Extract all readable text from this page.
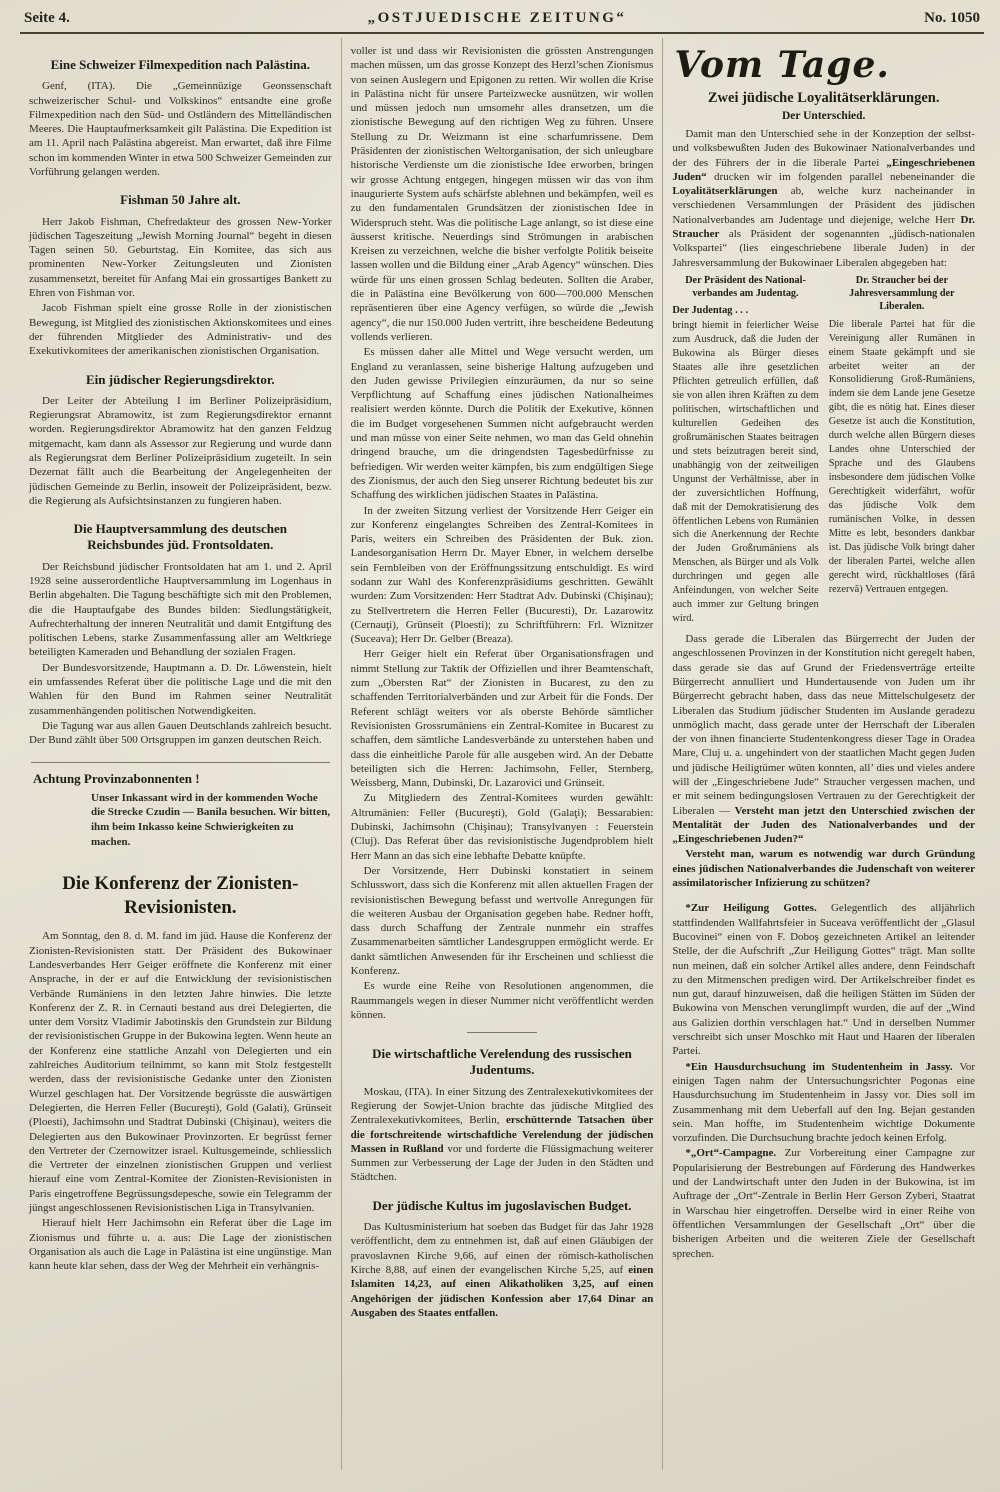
Seite 4.	„OSTJUEDISCHE ZEITUNG“	No. 1050
Eine Schweizer Filmexpedition nach Palästina.

Genf, (ITA). Die „Gemeinnüzige Geonssenschaft schweizerischer Schul- und Volkskinos“ entsandte eine große Filmexpedition nach den Süd- und Ostländern des Mittelländischen Meeres. Die Hauptaufmerksamkeit gilt Palästina. Die Expedition ist am 11. April nach Palästina abgereist. Man erwartet, daß ihre Filme schon im kommenden Winter in etwa 500 Schweizer Gemeinden zur Vorführung gelangen werden.

Fishman 50 Jahre alt.

Herr Jakob Fishman, Chefredakteur des grossen New-Yorker jüdischen Tageszeitung „Jewish Morning Journal“ begeht in diesen Tagen seinen 50. Geburtstag. Ein Komitee, das sich aus prominenten New-Yorker Zeitungsleuten und Zionisten zusammensetzt, bereitet für Anfang Mai ein grossartiges Bankett zu Ehren von Fishman vor.

Jacob Fishman spielt eine grosse Rolle in der zionistischen Bewegung, ist Mitglied des zionistischen Aktionskomitees und eines der führenden Mitglieder des Administrativ- und des Exekutivkomitees der amerikanischen zionistischen Organisation.

Ein jüdischer Regierungsdirektor.

Der Leiter der Abteilung I im Berliner Polizeipräsidium, Regierungsrat Abramowitz, ist zum Regierungsdirektor ernannt worden. Regierungsdirektor Abramowitz hat den ganzen Feldzug mitgemacht, kam dann als Assessor zur Regierung und wurde dann als Regierungsrat dem Berliner Polizeipräsidium zugeteilt. In sein Dezernat fällt auch die Bearbeitung der Angelegenheiten der jüdischen Gemeinde zu Berlin, insoweit der Polizeipräsident, bezw. die Regierung als Aufsichtsinstanzen zu fungieren haben.

Die Hauptversammlung des deutschen Reichsbundes jüd. Frontsoldaten.

Der Reichsbund jüdischer Frontsoldaten hat am 1. und 2. April 1928 seine ausserordentliche Hauptversammlung im Logenhaus in Berlin abgehalten. Die Tagung beschäftigte sich mit den Problemen, die die Hauptaufgabe des Bundes bilden: Siedlungstätigkeit, Aufrechterhaltung der inneren Neutralität und damit Entgiftung des politischen Lebens, starke Zusammenfassung aller am Weltkriege beteiligten Kameraden und Behandlung der sozialen Fragen.

Der Bundesvorsitzende, Hauptmann a. D. Dr. Löwenstein, hielt ein umfassendes Referat über die politische Lage und die mit den Wahlen für den Bund im Rahmen seiner Neutralität zusammenhängenden politischen Notwendigkeiten.

Die Tagung war aus allen Gauen Deutschlands zahlreich besucht. Der Bund zählt über 500 Ortsgruppen im ganzen deutschen Reich.

Achtung Provinzabonnenten !

Unser Inkassant wird in der kommenden Woche die Strecke Czudin — Banila besuchen. Wir bitten, ihm beim Inkasso keine Schwierigkeiten zu machen.

Die Konferenz der Zionisten-Revisionisten.

Am Sonntag, den 8. d. M. fand im jüd. Hause die Konferenz der Zionisten-Revisionisten statt. Der Präsident des Bukowinaer Landesverbandes Herr Geiger eröffnete die Konferenz mit einer Ansprache, in der er auf die Entwicklung der revisionistischen Verbände Rumäniens in den letzten Jahre hinwies. Die letzte Konferenz der Z. R. in Cernauti bestand aus drei Delegierten, die unter dem Vorsitz Vladimir Jabotinskis den Grundstein zur Bildung der revisionistischen Gruppe in der Bukowina legten. Wenn heute an der Konferenz eine stattliche Anzahl von Delegierten und ein zahlreiches Auditorium teilnimmt, so kann mit Stolz festgestellt werden, dass der revisionistische Gedanke unter den Zionisten Wurzel geschlagen hat. Der Vorsitzende begrüsste die auswärtigen Delegierten, die Herren Feller (Bucureşti), Gold (Galati), Grünseit (Ploesti), Jachimsohn und Stadtrat Dubinski (Chişinau), weiters die Delegierten aus den Bukowinaer Provinzorten. Er begrüsst ferner den Vertreter der Czernowitzer israel. Kultusgemeinde, schliesslich die Vertreter der einzelnen zionistischen Gruppen und verliest hierauf eine vom Zentral-Komitee der Zionisten-Revisionisten in Paris eingetroffene Begrüssungsdepesche, sowie ein Telegramm der jüngst angeschlossenen Revisionistischen Liga in Transylvanien.

Hierauf hielt Herr Jachimsohn ein Referat über die Lage im Zionismus und führte u. a. aus: Die Lage der zionistischen Organisation als auch die Lage in Palästina ist eine ungünstige. Man kann heute klar sehen, dass der Weg der Mehrheit ein verhängnis-

voller ist und dass wir Revisionisten die grössten Anstrengungen machen müssen, um das grosse Konzept des Herzl’schen Zionismus von seinen Auslegern und Epigonen zu retten. Wir wollen die Krise in Palästina nicht für unsere Parteizwecke ausnützen, wir wollen und müssen jedoch nun umsomehr alles dransetzen, um die zionistische Bewegung auf den richtigen Weg zu führen. Unsere Stellung zu Dr. Weizmann ist eine scharfumrissene. Dem Präsidenten der zionistischen Weltorganisation, der sich unleugbare historische Verdienste um die zionistische Idee erworben, bringen wir grosse Achtung entgegen, hingegen müssen wir das von ihm inaugurierte System aufs schärfste ablehnen und bekämpfen, weil es zu den fundamentalen Grundsätzen der zionistischen Idee in Widerspruch steht. Was die politische Lage anlangt, so ist diese eine äusserst kritische. Neuerdings sind Strömungen in arabischen Kreisen zu verzeichnen, welche die bisher verfolgte Politik beiseite lassen wollen und die Bildung einer „Arab Agency“ wünschen. Dies würde für uns einen grossen Schlag bedeuten. Sollten die Araber, die in Palästina eine Bevölkerung von 600—700.000 Menschen repräsentieren über eine Agency verfügen, so würde die „Jewish agency“, die nur 150.000 Juden vertritt, ihre bescheidene Bedeutung vollends verlieren.

Es müssen daher alle Mittel und Wege versucht werden, um England zu veranlassen, seine bisherige Haltung aufzugeben und den Juden gewisse Privilegien einzuräumen, da nur so seine Verpflichtung auf Schaffung eines jüdischen Nationalheimes realisiert werden könnte. Durch die Politik der Exekutive, können die im Budget vorgesehenen Summen nicht aufgebraucht werden und man müsse von einer Seite nehmen, wo man das Geld ohnehin dringend brauche, um die dringendsten Tagesbedürfnisse zu befriedigen. Wir werden weiter kämpfen, bis zum endgültigen Siege des Zionismus, der auch den Sieg unserer Richtung bedeutet bis zur Schaffung des wirklichen jüdischen Staates in Palästina.

In der zweiten Sitzung verliest der Vorsitzende Herr Geiger ein zur Konferenz eingelangtes Schreiben des Zentral-Komitees in Paris, weiters ein Schreiben des Präsidenten der Buk. zion. Landesorganisation Herrn Dr. Mayer Ebner, in welchem derselbe sein Fernbleiben von der Eröffnungssitzung entschuldigt. Es wird sodann zur Wahl des Konferenzpräsidiums geschritten. Gewählt wurden: Zum Vorsitzenden: Herr Stadtrat Adv. Dubinski (Chişinau); zu Stellvertretern die Herren Feller (Bucuresti), Dr. Lazarowitz (Cernauţi), Grünseit (Ploesti); zu Schriftführern: Frl. Wiznitzer (Suceava); Herr Dr. Gelber (Breaza).

Herr Geiger hielt ein Referat über Organisationsfragen und nimmt Stellung zur Taktik der Offiziellen und ihrer Beamtenschaft, zum „Obersten Rat“ der Zionisten in Bucarest, zu den zu schaffenden Territorialverbänden und zur Arbeit für die Fonds. Der Referent schlägt weiters vor als oberste Behörde sämtlicher Revisionisten Grossrumäniens ein Zentral-Komitee in Bucarest zu schaffen, dem sämtliche Landesverbände zu unterstehen haben und dass die einheitliche Parole für alle ausgeben wird. An der Debatte beteiligten sich die Herren: Jachimsohn, Feller, Sternberg, Weissberg, Mann, Dubinski, Dr. Lazarovici und Grünseit.

Zu Mitgliedern des Zentral-Komitees wurden gewählt: Altrumänien: Feller (Bucureşti), Gold (Galaţi); Bessarabien: Dubinski, Jachimsohn (Chişinau); Transylvanyen : Feuerstein (Cluj). Das Referat über das revisionistische Jugendproblem hielt Herr Mann an das sich eine lebhafte Debatte knüpfte.

Der Vorsitzende, Herr Dubinski konstatiert in seinem Schlusswort, dass sich die Konferenz mit allen aktuellen Fragen der revisionistischen Bewegung befasst und wertvolle Anregungen für die weiteren Ausbau der Organisation gegeben habe. Redner hofft, dass durch Schaffung der Zentrale nunmehr ein straffes Zusammenarbeiten sämtlicher Landesgruppen ermöglicht werde. Er dankt sämtlichen Anwesenden für ihr Erscheinen und schliesst die Konferenz.

Es wurde eine Reihe von Resolutionen angenommen, die Raummangels wegen in dieser Nummer nicht veröffentlicht werden können.

Die wirtschaftliche Verelendung des russischen Judentums.

Moskau, (ITA). In einer Sitzung des Zentralexekutivkomitees der Regierung der Sowjet-Union brachte das jüdische Mitglied des Zentralexekutivkomitees, Berlin, erschütternde Tatsachen über die fortschreitende wirtschaftliche Verelendung der jüdischen Massen in Rußland vor und forderte die Flüssigmachung weiterer Summen zur Verbesserung der Lage der Juden in den Städten und Städtchen.

Der jüdische Kultus im jugoslavischen Budget.

Das Kultusministerium hat soeben das Budget für das Jahr 1928 veröffentlicht, dem zu entnehmen ist, daß auf einen Gläubigen der pravoslavnen Kirche 9,66, auf einen der römisch-katholischen Kirche 8,88, auf einen der evangelischen Kirche 5,25, auf einen Islamiten 14,23, auf einen Alikatholiken 3,25, auf einen Angehörigen der jüdischen Konfession aber 17,64 Dinar an Ausgaben des Staates entfallen.

Vom Tage.
Zwei jüdische Loyalitätserklärungen.
Der Unterschied.

Damit man den Unterschied sehe in der Konzeption der selbst- und volksbewußten Juden des Bukowinaer Nationalverbandes und der des Führers der in die liberale Partei „Eingeschriebenen Juden“ drucken wir im folgenden parallel nebeneinander die Loyalitätserklärungen ab, welche kurz nacheinander in verschiedenen Versammlungen der Präsident des jüdischen Nationalverbandes am Judentage und diejenige, welche Herr Dr. Straucher als Präsident der sogenannten „jüdisch-nationalen Volkspartei“ (lies eingeschriebene liberale Juden) in der Jahresversammlung der Bukowinaer Liberalen abgegeben hat:

Der Präsident des Nationalverbandes am Judentag.

Der Judentag . . .

bringt hiemit in feierlicher Weise zum Ausdruck, daß die Juden der Bukowina als Bürger dieses Staates alle ihre gesetzlichen Pflichten getreulich erfüllen, daß sie von allen ihren Kräften zu dem politischen, wirtschaftlichen und kulturellen Gedeihen des großrumänischen Staates beitragen und stets beizutragen bereit sind, unabhängig von der zeitweiligen Ungunst der Verhältnisse, aber in der zuversichtlichen Hoffnung, daß mit der Demokratisierung des öffentlichen Lebens von Rumänien sich die Anerkennung der Rechte der Juden Großrumäniens als Menschen, als Bürger und als Volk durchringen und gegen alle Anfeindungen, von welcher Seite auch immer zur Geltung bringen wird.

Dr. Straucher bei der Jahresversammlung der Liberalen.

Die liberale Partei hat für die Vereinigung aller Rumänen in einem Staate gekämpft und sie arbeitet weiter an der Konsolidierung Groß-Rumäniens, indem sie dem Lande jene Gesetze gibt, die es nötig hat. Eines dieser Gesetze ist auch die Konstitution, durch welche allen Bürgern dieses Landes ohne Unterschied der Sprache und des Glaubens insbesondere dem jüdischen Volke Gerechtigkeit widerfährt, wofür das jüdische Volk dem rumänischen Volke, in dessen Mitte es lebt, besonders dankbar ist. Das jüdische Volk bringt daher der liberalen Partei, welche allen gerecht wird, rückhaltloses (fără rezervă) Vertrauen entgegen.

Dass gerade die Liberalen das Bürgerrecht der Juden der angeschlossenen Provinzen in der Konstitution nicht geregelt haben, dass gerade sie das auf Grund der Friedensverträge erteilte Bürgerrecht annulliert und Hundertausende von Juden um ihr Bürgerrecht gebracht haben, dass das neue Mittelschulgesetz der Liberalen das Studium jüdischer Studenten im Auslande geradezu unmöglich macht, dass gerade unter der Herrschaft der Liberalen der von ihnen financierte Studentenkongress dieser Tage in Oradea Mare, Cluj u. a. ungehindert von der staatlichen Macht gegen Juden und jüdische Heiligtümer wüten konnten, all’ dies und vieles andere will der „Eingeschriebene Jude“ Straucher vergessen machen, und er mit seinem bedingungslosen Vertrauen zu der Gerechtigkeit der Liberalen — Versteht man jetzt den Unterschied zwischen der Mentalität der Juden des Nationalverbandes und der „Eingeschriebenen Juden?“

Versteht man, warum es notwendig war durch Gründung eines jüdischen Nationalverbandes die Judenschaft von weiterer assimilatorischer Infizierung zu schützen?

*Zur Heiligung Gottes. Gelegentlich des alljährlich stattfindenden Wallfahrtsfeier in Suceava veröffentlicht der „Glasul Bucovinei“ einen von F. Doboş gezeichneten Artikel an leitender Stelle, der die Aufschrift „Zur Heiligung Gottes“ trägt. Man sollte nun meinen, daß ein solcher Artikel alles andere, denn Feindschaft zu den Mitmenschen predigen wird. Der Artikelschreiber findet es nun gut, darauf hinzuweisen, daß die heiligen Stätten im Süden der Bukowina von Menschen verunglimpft wurden, die auf der „Wind aus Galizien dorthin verschlagen hat.“ Und in derselben Nummer verschreibt sich unser Moschko mit Haut und Haaren der liberalen Partei.

*Ein Hausdurchsuchung im Studentenheim in Jassy. Vor einigen Tagen nahm der Untersuchungsrichter Pogonas eine Hausdurchsuchung im Studentenheim in Jassy vor. Dies soll im Zusammenhang mit dem Ueberfall auf den Ing. Bejan gestanden sein. Man hoffte, im Studentenheim wichtige Dokumente vorzufinden. Die Durchsuchung brachte jedoch keinen Erfolg.

*„Ort“-Campagne. Zur Vorbereitung einer Campagne zur Popularisierung der Bestrebungen auf Förderung des Handwerkes und der Landwirtschaft unter den Juden in der Bukowina, ist im Auftrage der „Ort“-Zentrale in Berlin Herr Gerson Zyberi, Staatrat in Warschau hier eingetroffen. Derselbe wird in einer Reihe von öffentlichen Versammlungen der Gesellschaft „Ort“ über die bisherigen Arbeiten und die weiteren Ziele der Gesellschaft sprechen.
